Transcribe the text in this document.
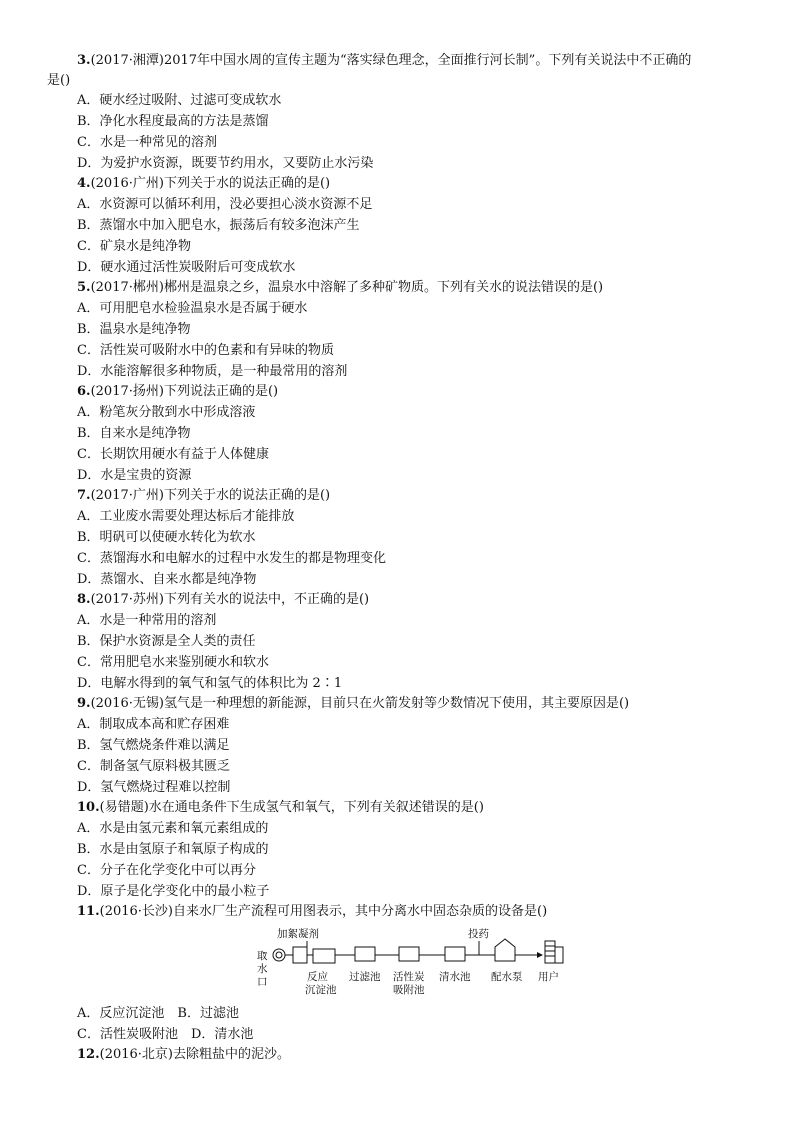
3.(2017·湘潭)2017年中国水周的宣传主题为“落实绿色理念，全面推行河长制”。下列有关说法中不正确的
是()
A．硬水经过吸附、过滤可变成软水
B．净化水程度最高的方法是蒸馏
C．水是一种常见的溶剂
D．为爱护水资源，既要节约用水，又要防止水污染
4.(2016·广州)下列关于水的说法正确的是()
A．水资源可以循环利用，没必要担心淡水资源不足
B．蒸馏水中加入肥皂水，振荡后有较多泡沫产生
C．矿泉水是纯净物
D．硬水通过活性炭吸附后可变成软水
5.(2017·郴州)郴州是温泉之乡，温泉水中溶解了多种矿物质。下列有关水的说法错误的是()
A．可用肥皂水检验温泉水是否属于硬水
B．温泉水是纯净物
C．活性炭可吸附水中的色素和有异味的物质
D．水能溶解很多种物质，是一种最常用的溶剂
6.(2017·扬州)下列说法正确的是()
A．粉笔灰分散到水中形成溶液
B．自来水是纯净物
C．长期饮用硬水有益于人体健康
D．水是宝贵的资源
7.(2017·广州)下列关于水的说法正确的是()
A．工业废水需要处理达标后才能排放
B．明矾可以使硬水转化为软水
C．蒸馏海水和电解水的过程中水发生的都是物理变化
D．蒸馏水、自来水都是纯净物
8.(2017·苏州)下列有关水的说法中，不正确的是()
A．水是一种常用的溶剂
B．保护水资源是全人类的责任
C．常用肥皂水来鉴别硬水和软水
D．电解水得到的氧气和氢气的体积比为 2∶1
9.(2016·无锡)氢气是一种理想的新能源，目前只在火箭发射等少数情况下使用，其主要原因是()
A．制取成本高和贮存困难
B．氢气燃烧条件难以满足
C．制备氢气原料极其匮乏
D．氢气燃烧过程难以控制
10.(易错题)水在通电条件下生成氢气和氧气，下列有关叙述错误的是()
A．水是由氢元素和氧元素组成的
B．水是由氢原子和氧原子构成的
C．分子在化学变化中可以再分
D．原子是化学变化中的最小粒子
11.(2016·长沙)自来水厂生产流程可用图表示，其中分离水中固态杂质的设备是()
取
水
口
加絮凝剂
反应
沉淀池
过滤池 活性炭
吸附池
清水池
投药
配水泵 用户
A．反应沉淀池　B．过滤池
C．活性炭吸附池　D．清水池
12.(2016·北京)去除粗盐中的泥沙。
